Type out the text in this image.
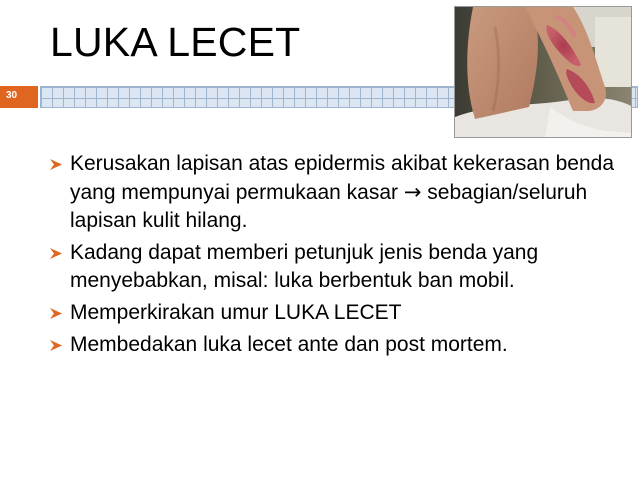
LUKA LECET
30
Kerusakan lapisan atas epidermis akibat kekerasan benda yang mempunyai permukaan kasar → sebagian/seluruh lapisan kulit hilang.
Kadang dapat memberi petunjuk jenis benda yang menyebabkan, misal: luka berbentuk ban mobil.
Memperkirakan umur LUKA LECET
Membedakan luka lecet ante dan post mortem.
